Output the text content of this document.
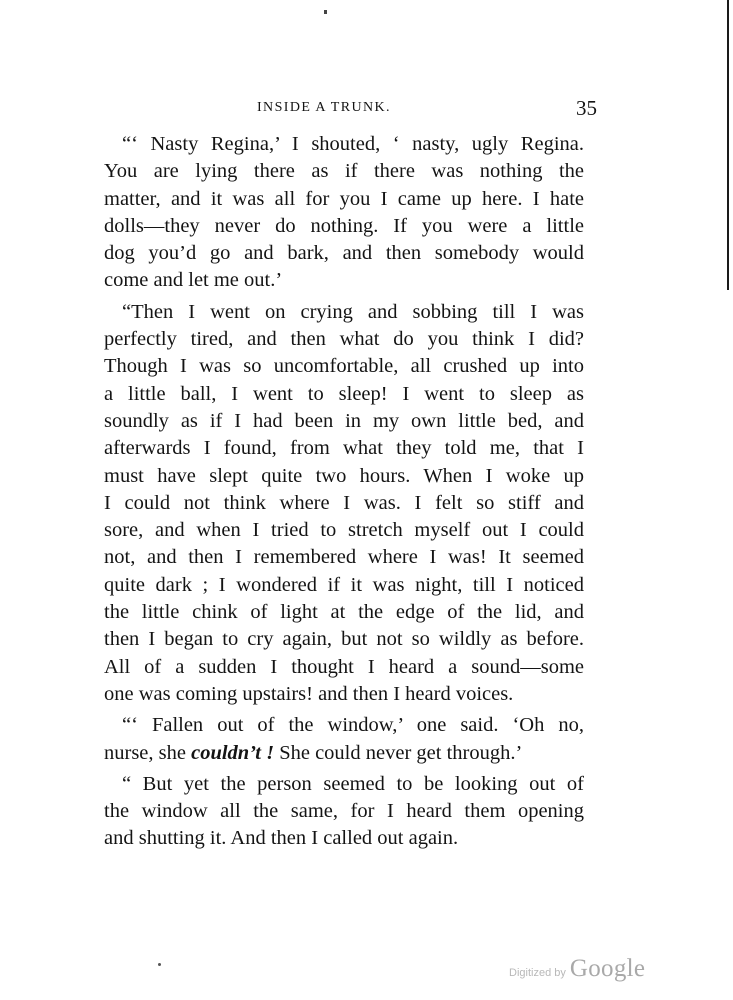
INSIDE A TRUNK.	35
“‘ Nasty Regina,’ I shouted, ‘ nasty, ugly Regina.
You are lying there as if there was nothing the
matter, and it was all for you I came up here. I hate
dolls—they never do nothing. If you were a little
dog you’d go and bark, and then somebody would
come and let me out.’
“Then I went on crying and sobbing till I was
perfectly tired, and then what do you think I did?
Though I was so uncomfortable, all crushed up into
a little ball, I went to sleep! I went to sleep as
soundly as if I had been in my own little bed, and
afterwards I found, from what they told me, that I
must have slept quite two hours. When I woke up
I could not think where I was. I felt so stiff and
sore, and when I tried to stretch myself out I could
not, and then I remembered where I was! It seemed
quite dark ; I wondered if it was night, till I noticed
the little chink of light at the edge of the lid, and
then I began to cry again, but not so wildly as before.
All of a sudden I thought I heard a sound—some
one was coming upstairs! and then I heard voices.
“‘ Fallen out of the window,’ one said. ‘Oh no,
nurse, she couldn’t ! She could never get through.’
“ But yet the person seemed to be looking out of
the window all the same, for I heard them opening
and shutting it. And then I called out again.
Digitized by Google
